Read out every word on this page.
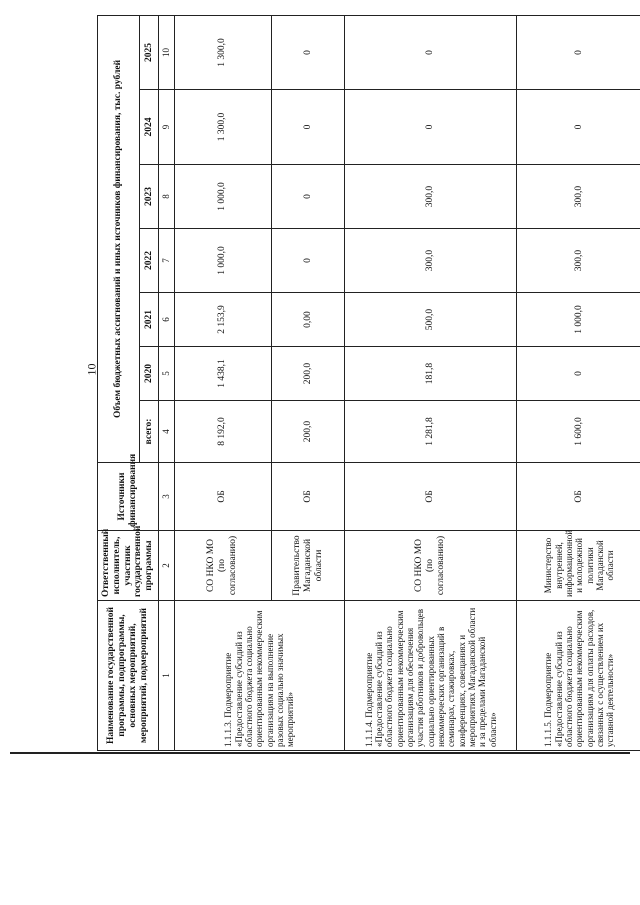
10
Наименование государственной программы, подпрограммы, основных мероприятий, мероприятий, подмероприятий	Ответственный исполнитель, участник государственной программы	Источники финансирования	Объем бюджетных ассигнований и иных источников финансирования, тыс. рублей						
			всего:	2020	2021	2022	2023	2024	2025
1	2	3	4	5	6	7	8	9	10
1.1.1.3. Подмероприятие «Предоставление субсидий из областного бюджета социально ориентированным некоммерческим организациям на выполнение разовых социально значимых мероприятий»	СО НКО МО (по согласованию)	ОБ	8 192,0	1 438,1	2 153,9	1 000,0	1 000,0	1 300,0	1 300,0
	Правительство Магаданской области	ОБ	200,0	200,0	0,00	0	0	0	0
1.1.1.4. Подмероприятие «Предоставление субсидий из областного бюджета социально ориентированным некоммерческим организациям для обеспечения участия работников и добровольцев социально ориентированных некоммерческих организаций в семинарах, стажировках, конференциях, совещаниях и мероприятиях Магаданской области и за пределами Магаданской области»	СО НКО МО (по согласованию)	ОБ	1 281,8	181,8	500,0	300,0	300,0	0	0
1.1.1.5. Подмероприятие «Предоставление субсидий из областного бюджета социально ориентированным некоммерческим организациям для оплаты расходов, связанных с осуществлением их уставной деятельности»	Министерство внутренней, информационной и молодежной политики Магаданской области	ОБ	1 600,0	0	1 000,0	300,0	300,0	0	0
